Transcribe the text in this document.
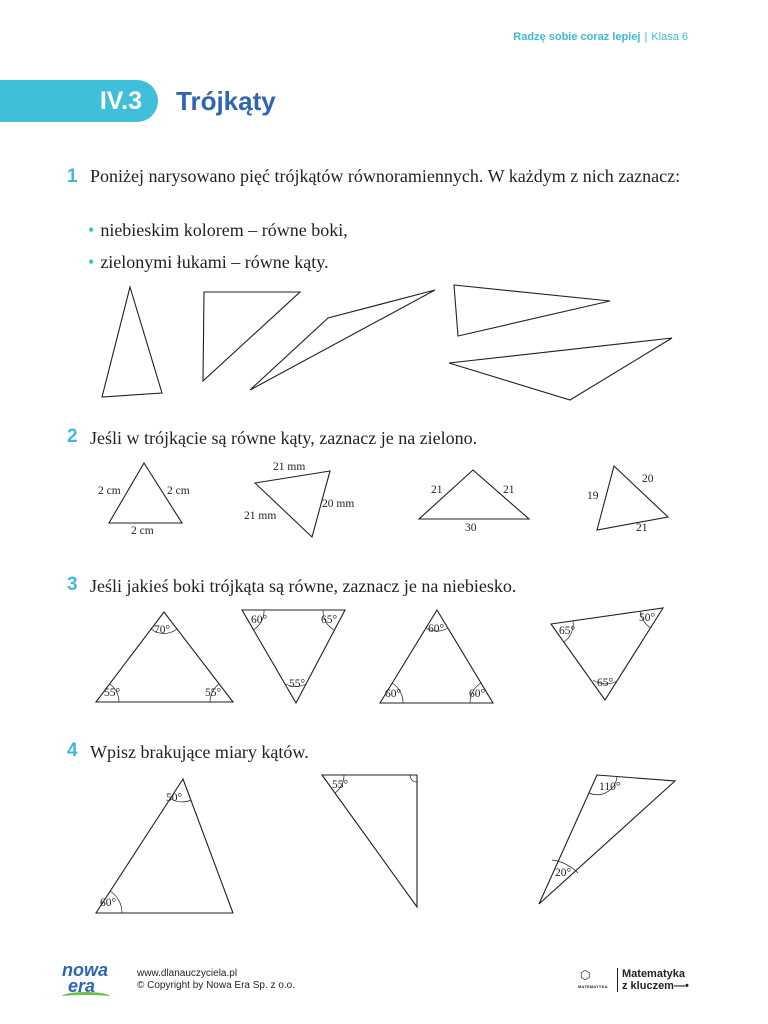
Radzę sobie coraz lepiej | Klasa 6
IV.3	Trójkąty
1 Poniżej narysowano pięć trójkątów równoramiennych. W każdym z nich zaznacz:
• niebieskim kolorem – równe boki,
• zielonymi łukami – równe kąty.
2 Jeśli w trójkącie są równe kąty, zaznacz je na zielono.
3 Jeśli jakieś boki trójkąta są równe, zaznacz je na niebiesko.
4 Wpisz brakujące miary kątów.
2 cm	2 cm
2 cm
21 mm
20 mm
21 mm
21	21
30
19
20
21
70°
55°	55°
60°	65°
55°
60°
60°	60°
65°
50°
65°
50°
60°
55°	110°
20°
nowa
era
www.dlanauczyciela.pl
© Copyright by Nowa Era Sp. z o.o.
⬡
MATEMATYKA
Matematyka
z kluczem—•
